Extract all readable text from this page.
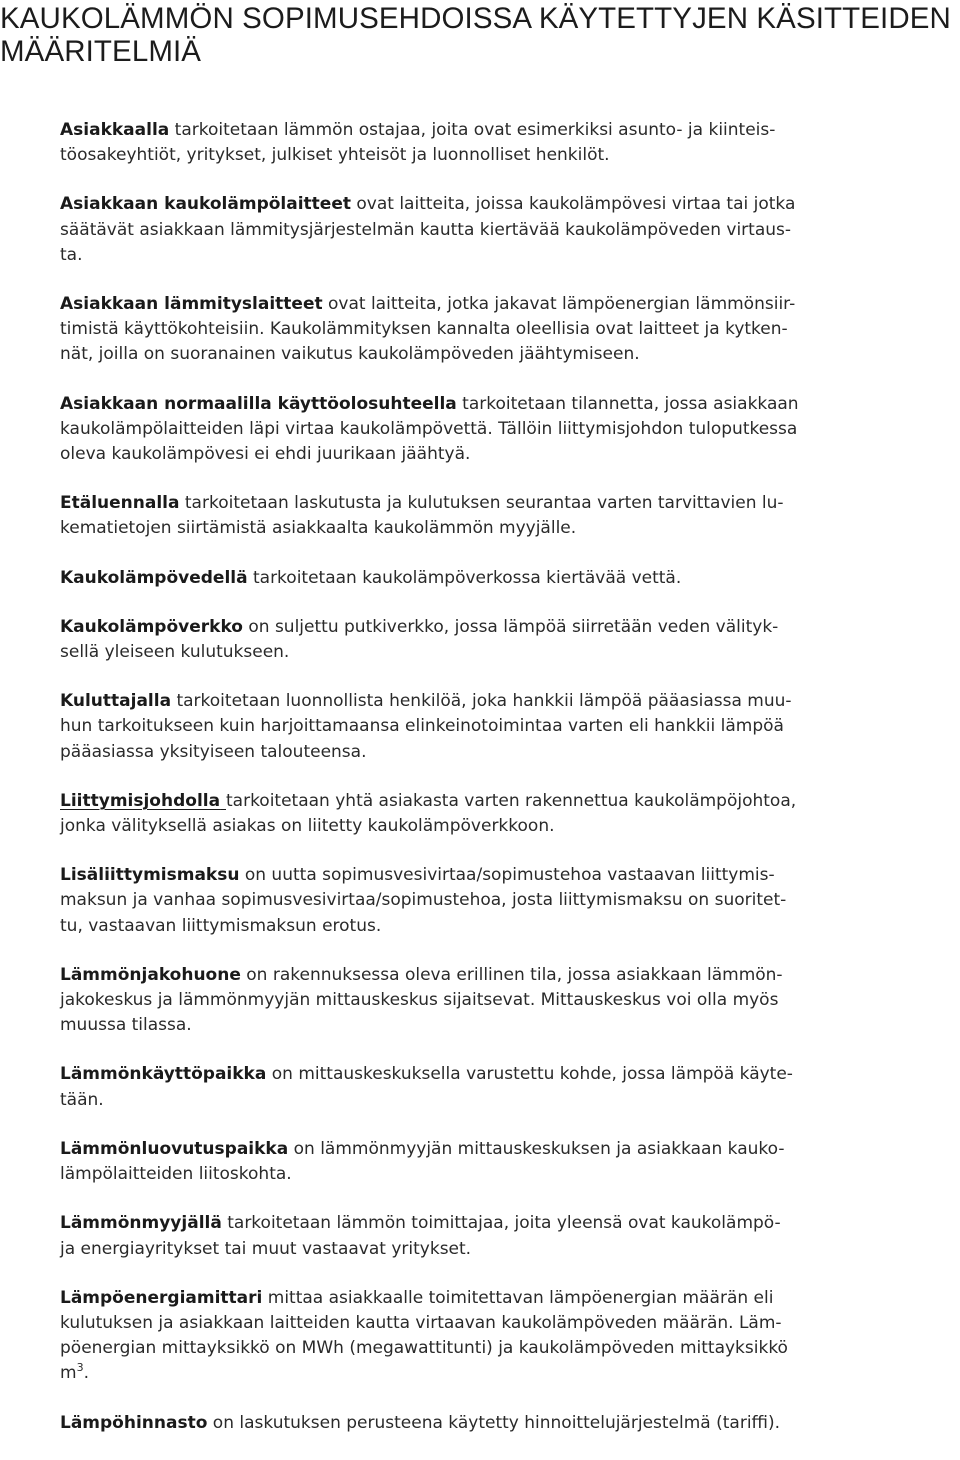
KAUKOLÄMMÖN SOPIMUSEHDOISSA KÄYTETTYJEN KÄSITTEIDEN
MÄÄRITELMIÄ

Asiakkaalla tarkoitetaan lämmön ostajaa, joita ovat esimerkiksi asunto- ja kiinteis-
töosakeyhtiöt, yritykset, julkiset yhteisöt ja luonnolliset henkilöt.

Asiakkaan kaukolämpölaitteet ovat laitteita, joissa kaukolämpövesi virtaa tai jotka
säätävät asiakkaan lämmitysjärjestelmän kautta kiertävää kaukolämpöveden virtaus-
ta.

Asiakkaan lämmityslaitteet ovat laitteita, jotka jakavat lämpöenergian lämmönsiir-
timistä käyttökohteisiin. Kaukolämmityksen kannalta oleellisia ovat laitteet ja kytken-
nät, joilla on suoranainen vaikutus kaukolämpöveden jäähtymiseen.

Asiakkaan normaalilla käyttöolosuhteella tarkoitetaan tilannetta, jossa asiakkaan
kaukolämpölaitteiden läpi virtaa kaukolämpövettä. Tällöin liittymisjohdon tuloputkessa
oleva kaukolämpövesi ei ehdi juurikaan jäähtyä.

Etäluennalla tarkoitetaan laskutusta ja kulutuksen seurantaa varten tarvittavien lu-
kematietojen siirtämistä asiakkaalta kaukolämmön myyjälle.

Kaukolämpövedellä tarkoitetaan kaukolämpöverkossa kiertävää vettä.

Kaukolämpöverkko on suljettu putkiverkko, jossa lämpöä siirretään veden välityk-
sellä yleiseen kulutukseen.

Kuluttajalla tarkoitetaan luonnollista henkilöä, joka hankkii lämpöä pääasiassa muu-
hun tarkoitukseen kuin harjoittamaansa elinkeinotoimintaa varten eli hankkii lämpöä
pääasiassa yksityiseen talouteensa.

Liittymisjohdolla tarkoitetaan yhtä asiakasta varten rakennettua kaukolämpöjohtoa,
jonka välityksellä asiakas on liitetty kaukolämpöverkkoon.

Lisäliittymismaksu on uutta sopimusvesivirtaa/sopimustehoa vastaavan liittymis-
maksun ja vanhaa sopimusvesivirtaa/sopimustehoa, josta liittymismaksu on suoritet-
tu, vastaavan liittymismaksun erotus.

Lämmönjakohuone on rakennuksessa oleva erillinen tila, jossa asiakkaan lämmön-
jakokeskus ja lämmönmyyjän mittauskeskus sijaitsevat. Mittauskeskus voi olla myös
muussa tilassa.

Lämmönkäyttöpaikka on mittauskeskuksella varustettu kohde, jossa lämpöä käyte-
tään.

Lämmönluovutuspaikka on lämmönmyyjän mittauskeskuksen ja asiakkaan kauko-
lämpölaitteiden liitoskohta.

Lämmönmyyjällä tarkoitetaan lämmön toimittajaa, joita yleensä ovat kaukolämpö-
ja energiayritykset tai muut vastaavat yritykset.

Lämpöenergiamittari mittaa asiakkaalle toimitettavan lämpöenergian määrän eli
kulutuksen ja asiakkaan laitteiden kautta virtaavan kaukolämpöveden määrän. Läm-
pöenergian mittayksikkö on MWh (megawattitunti) ja kaukolämpöveden mittayksikkö
$m^3$.

Lämpöhinnasto on laskutuksen perusteena käytetty hinnoittelujärjestelmä (tariffi).
